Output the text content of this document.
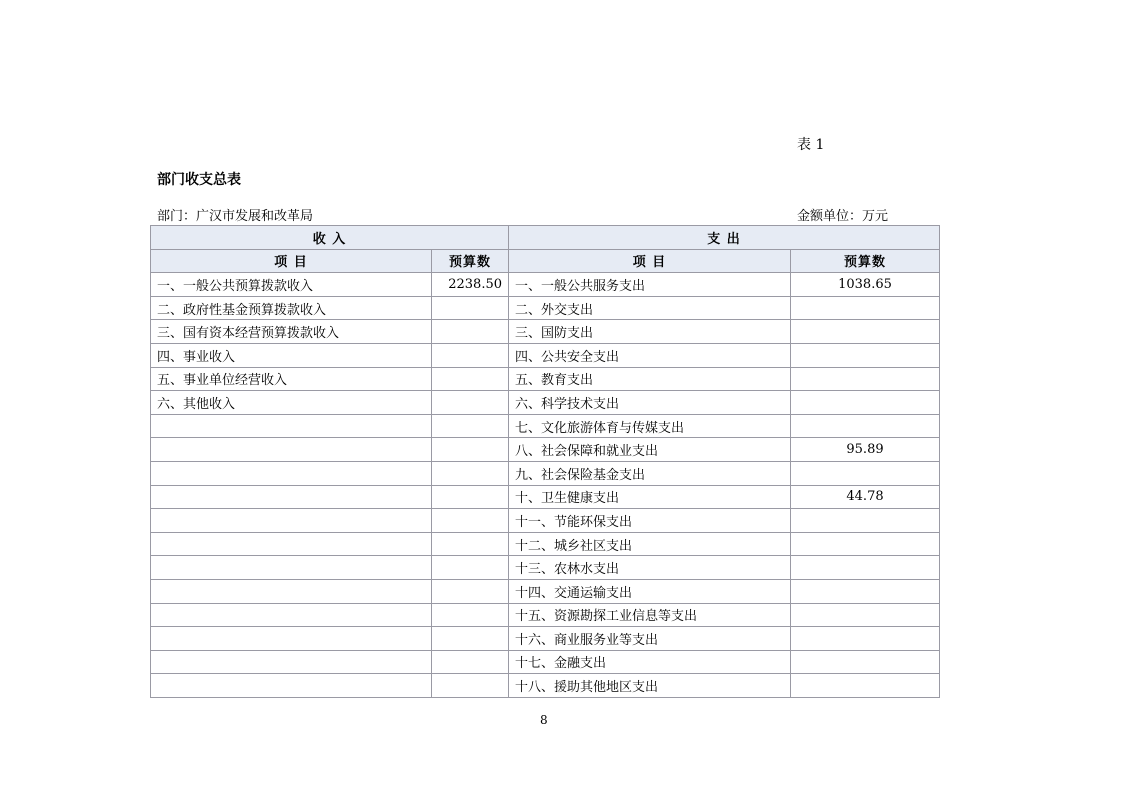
表 1
部门收支总表
部门：广汉市发展和改革局	金额单位：万元
收 入		支 出	
项 目	预算数	项 目	预算数
一、一般公共预算拨款收入	2238.50	一、一般公共服务支出	1038.65
二、政府性基金预算拨款收入		二、外交支出	
三、国有资本经营预算拨款收入		三、国防支出	
四、事业收入		四、公共安全支出	
五、事业单位经营收入		五、教育支出	
六、其他收入		六、科学技术支出	
		七、文化旅游体育与传媒支出	
		八、社会保障和就业支出	95.89
		九、社会保险基金支出	
		十、卫生健康支出	44.78
		十一、节能环保支出	
		十二、城乡社区支出	
		十三、农林水支出	
		十四、交通运输支出	
		十五、资源勘探工业信息等支出	
		十六、商业服务业等支出	
		十七、金融支出	
		十八、援助其他地区支出	
8
